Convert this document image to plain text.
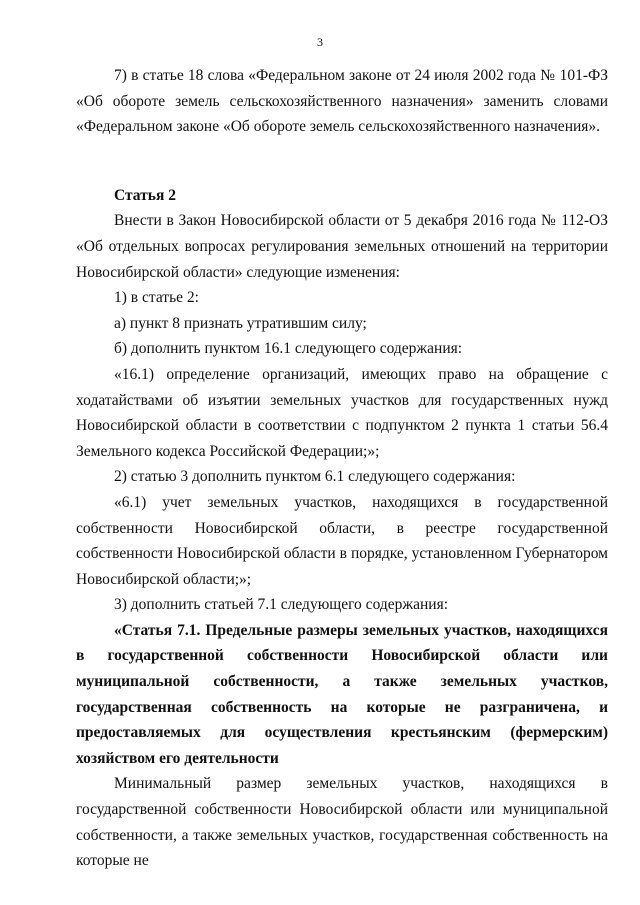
3

7) в статье 18 слова «Федеральном законе от 24 июля 2002 года № 101-ФЗ «Об обороте земель сельскохозяйственного назначения» заменить словами «Федеральном законе «Об обороте земель сельскохозяйственного назначения».

Статья 2

Внести в Закон Новосибирской области от 5 декабря 2016 года № 112-ОЗ «Об отдельных вопросах регулирования земельных отношений на территории Новосибирской области» следующие изменения:

1) в статье 2:

а) пункт 8 признать утратившим силу;

б) дополнить пунктом 16.1 следующего содержания:

«16.1) определение организаций, имеющих право на обращение с ходатайствами об изъятии земельных участков для государственных нужд Новосибирской области в соответствии с подпунктом 2 пункта 1 статьи 56.4 Земельного кодекса Российской Федерации;»;

2) статью 3 дополнить пунктом 6.1 следующего содержания:

«6.1) учет земельных участков, находящихся в государственной собственности Новосибирской области, в реестре государственной собственности Новосибирской области в порядке, установленном Губернатором Новосибирской области;»;

3) дополнить статьей 7.1 следующего содержания:

«Статья 7.1. Предельные размеры земельных участков, находящихся в государственной собственности Новосибирской области или муниципальной собственности, а также земельных участков, государственная собственность на которые не разграничена, и предоставляемых для осуществления крестьянским (фермерским) хозяйством его деятельности

Минимальный размер земельных участков, находящихся в государственной собственности Новосибирской области или муниципальной собственности, а также земельных участков, государственная собственность на которые не
